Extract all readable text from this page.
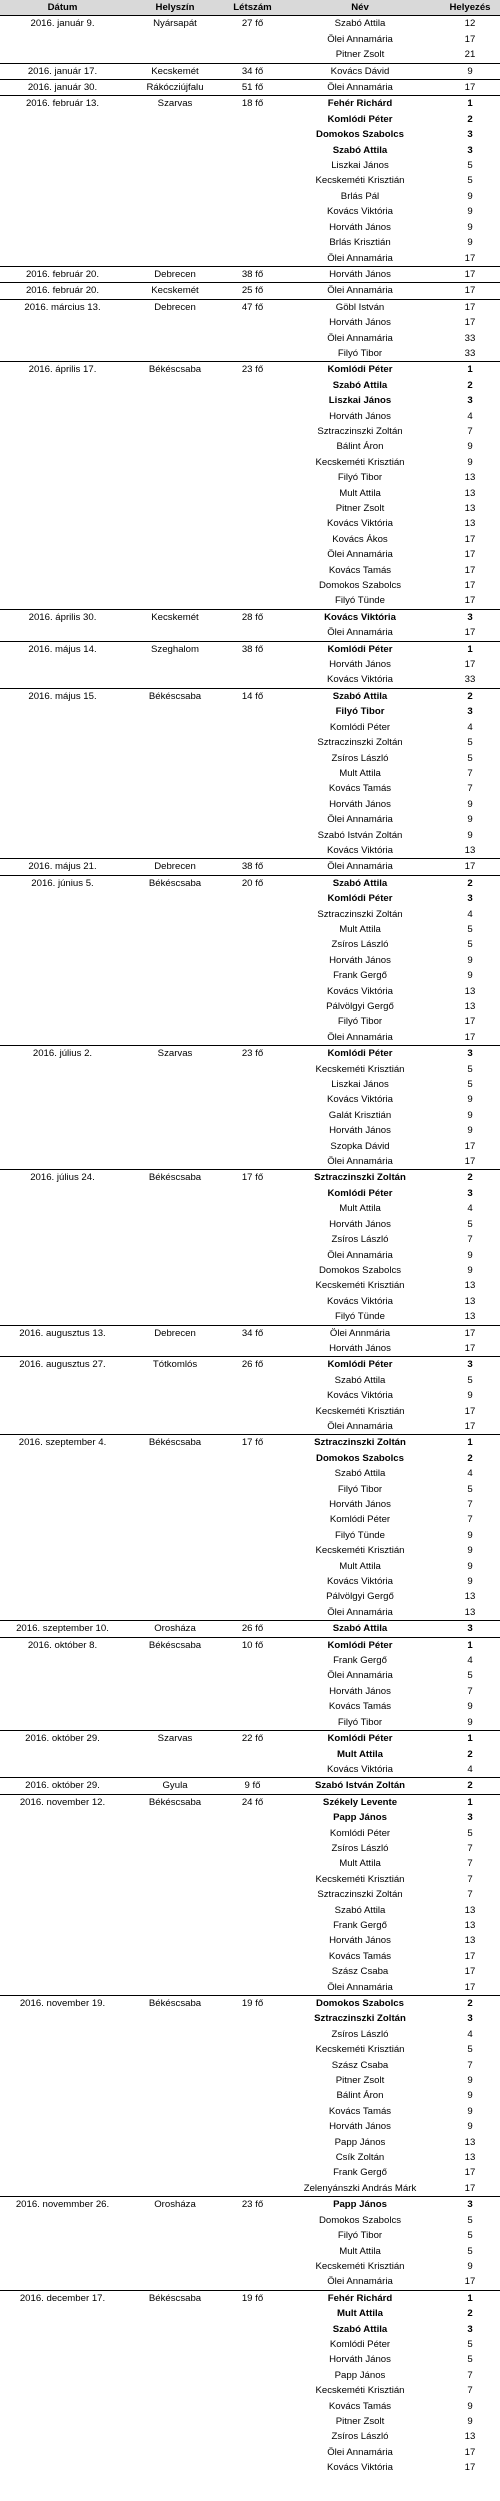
Dátum	Helyszín	Létszám	Név	Helyezés
2016. január 9.	Nyársapát	27 fő	Szabó Attila	12
			Ölei Annamária	17
			Pitner Zsolt	21
2016. január 17.	Kecskemét	34 fő	Kovács Dávid	9
2016. január 30.	Rákóczіújfalu	51 fő	Ölei Annamária	17
2016. február 13.	Szarvas	18 fő	Fehér Richárd	1
			Komlódi Péter	2
			Domokos Szabolcs	3
			Szabó Attila	3
			Liszkai János	5
			Kecskeméti Krisztián	5
			Brlás Pál	9
			Kovács Viktória	9
			Horváth János	9
			Brlás Krisztián	9
			Ölei Annamária	17
2016. február 20.	Debrecen	38 fő	Horváth János	17
2016. február 20.	Kecskemét	25 fő	Ölei Annamária	17
2016. március 13.	Debrecen	47 fő	Göbl István	17
			Horváth János	17
			Ölei Annamária	33
			Filyó Tibor	33
2016. április 17.	Békéscsaba	23 fő	Komlódi Péter	1
			Szabó Attila	2
			Liszkai János	3
			Horváth János	4
			Sztraczinszki Zoltán	7
			Bálint Áron	9
			Kecskeméti Krisztián	9
			Filyó Tibor	13
			Mult Attila	13
			Pitner Zsolt	13
			Kovács Viktória	13
			Kovács Ákos	17
			Ölei Annamária	17
			Kovács Tamás	17
			Domokos Szabolcs	17
			Filyó Tünde	17
2016. április 30.	Kecskemét	28 fő	Kovács Viktória	3
			Ölei Annamária	17
2016. május 14.	Szeghalom	38 fő	Komlódi Péter	1
			Horváth János	17
			Kovács Viktória	33
2016. május 15.	Békéscsaba	14 fő	Szabó Attila	2
			Filyó Tibor	3
			Komlódi Péter	4
			Sztraczinszki Zoltán	5
			Zsíros László	5
			Mult Attila	7
			Kovács Tamás	7
			Horváth János	9
			Ölei Annamária	9
			Szabó István Zoltán	9
			Kovács Viktória	13
2016. május 21.	Debrecen	38 fő	Ölei Annamária	17
2016. június 5.	Békéscsaba	20 fő	Szabó Attila	2
			Komlódi Péter	3
			Sztraczinszki Zoltán	4
			Mult Attila	5
			Zsíros László	5
			Horváth János	9
			Frank Gergő	9
			Kovács Viktória	13
			Pálvölgyi Gergő	13
			Filyó Tibor	17
			Ölei Annamária	17
2016. július 2.	Szarvas	23 fő	Komlódi Péter	3
			Kecskeméti Krisztián	5
			Liszkai János	5
			Kovács Viktória	9
			Galát Krisztián	9
			Horváth János	9
			Szopka Dávid	17
			Ölei Annamária	17
2016. július 24.	Békéscsaba	17 fő	Sztraczinszki Zoltán	2
			Komlódi Péter	3
			Mult Attila	4
			Horváth János	5
			Zsíros László	7
			Ölei Annamária	9
			Domokos Szabolcs	9
			Kecskeméti Krisztián	13
			Kovács Viktória	13
			Filyó Tünde	13
2016. augusztus 13.	Debrecen	34 fő	Ölei Annmária	17
			Horváth János	17
2016. augusztus 27.	Tótkomlós	26 fő	Komlódi Péter	3
			Szabó Attila	5
			Kovács Viktória	9
			Kecskeméti Krisztián	17
			Ölei Annamária	17
2016. szeptember 4.	Békéscsaba	17 fő	Sztraczinszki Zoltán	1
			Domokos Szabolcs	2
			Szabó Attila	4
			Filyó Tibor	5
			Horváth János	7
			Komlódi Péter	7
			Filyó Tünde	9
			Kecskeméti Krisztián	9
			Mult Attila	9
			Kovács Viktória	9
			Pálvölgyi Gergő	13
			Ölei Annamária	13
2016. szeptember 10.	Orosháza	26 fő	Szabó Attila	3
2016. október 8.	Békéscsaba	10 fő	Komlódi Péter	1
			Frank Gergő	4
			Ölei Annamária	5
			Horváth János	7
			Kovács Tamás	9
			Filyó Tibor	9
2016. október 29.	Szarvas	22 fő	Komlódi Péter	1
			Mult Attila	2
			Kovács Viktória	4
2016. október 29.	Gyula	9 fő	Szabó István Zoltán	2
2016. november 12.	Békéscsaba	24 fő	Székely Levente	1
			Papp János	3
			Komlódi Péter	5
			Zsíros László	7
			Mult Attila	7
			Kecskeméti Krisztián	7
			Sztraczinszki Zoltán	7
			Szabó Attila	13
			Frank Gergő	13
			Horváth János	13
			Kovács Tamás	17
			Szász Csaba	17
			Ölei Annamária	17
2016. november 19.	Békéscsaba	19 fő	Domokos Szabolcs	2
			Sztraczinszki Zoltán	3
			Zsíros László	4
			Kecskeméti Krisztián	5
			Szász Csaba	7
			Pitner Zsolt	9
			Bálint Áron	9
			Kovács Tamás	9
			Horváth János	9
			Papp János	13
			Csík Zoltán	13
			Frank Gergő	17
			Zelenyánszki András Márk	17
2016. novemmber 26.	Orosháza	23 fő	Papp János	3
			Domokos Szabolcs	5
			Filyó Tibor	5
			Mult Attila	5
			Kecskeméti Krisztián	9
			Ölei Annamária	17
2016. december 17.	Békéscsaba	19 fő	Fehér Richárd	1
			Mult Attila	2
			Szabó Attila	3
			Komlódi Péter	5
			Horváth János	5
			Papp János	7
			Kecskeméti Krisztián	7
			Kovács Tamás	9
			Pitner Zsolt	9
			Zsíros László	13
			Ölei Annamária	17
			Kovács Viktória	17
